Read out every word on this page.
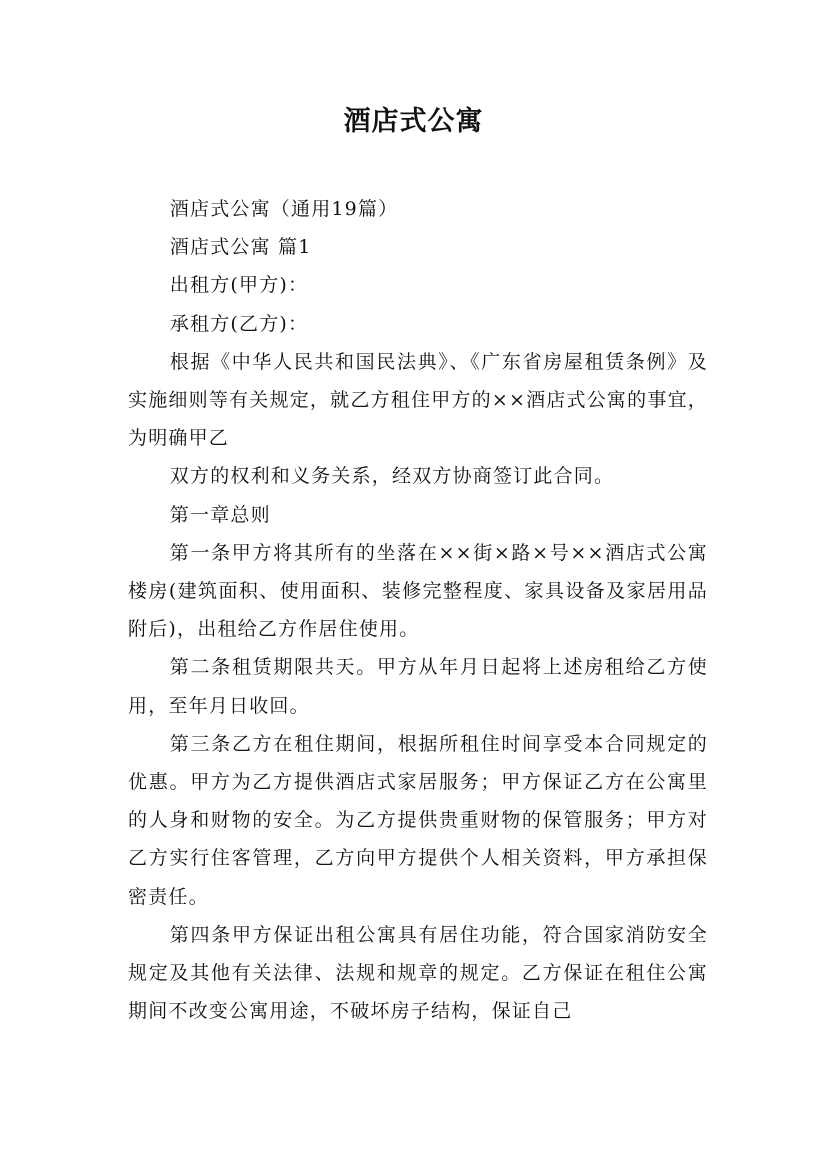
酒店式公寓

酒店式公寓（通用19篇）

酒店式公寓 篇1

出租方(甲方)：

承租方(乙方)：

根据《中华人民共和国民法典》、《广东省房屋租赁条例》及实施细则等有关规定，就乙方租住甲方的××酒店式公寓的事宜，为明确甲乙

双方的权利和义务关系，经双方协商签订此合同。

第一章总则

第一条甲方将其所有的坐落在××街×路×号××酒店式公寓楼房(建筑面积、使用面积、装修完整程度、家具设备及家居用品附后)，出租给乙方作居住使用。

第二条租赁期限共天。甲方从年月日起将上述房租给乙方使用，至年月日收回。

第三条乙方在租住期间，根据所租住时间享受本合同规定的优惠。甲方为乙方提供酒店式家居服务；甲方保证乙方在公寓里的人身和财物的安全。为乙方提供贵重财物的保管服务；甲方对乙方实行住客管理，乙方向甲方提供个人相关资料，甲方承担保密责任。

第四条甲方保证出租公寓具有居住功能，符合国家消防安全规定及其他有关法律、法规和规章的规定。乙方保证在租住公寓期间不改变公寓用途，不破坏房子结构，保证自己
